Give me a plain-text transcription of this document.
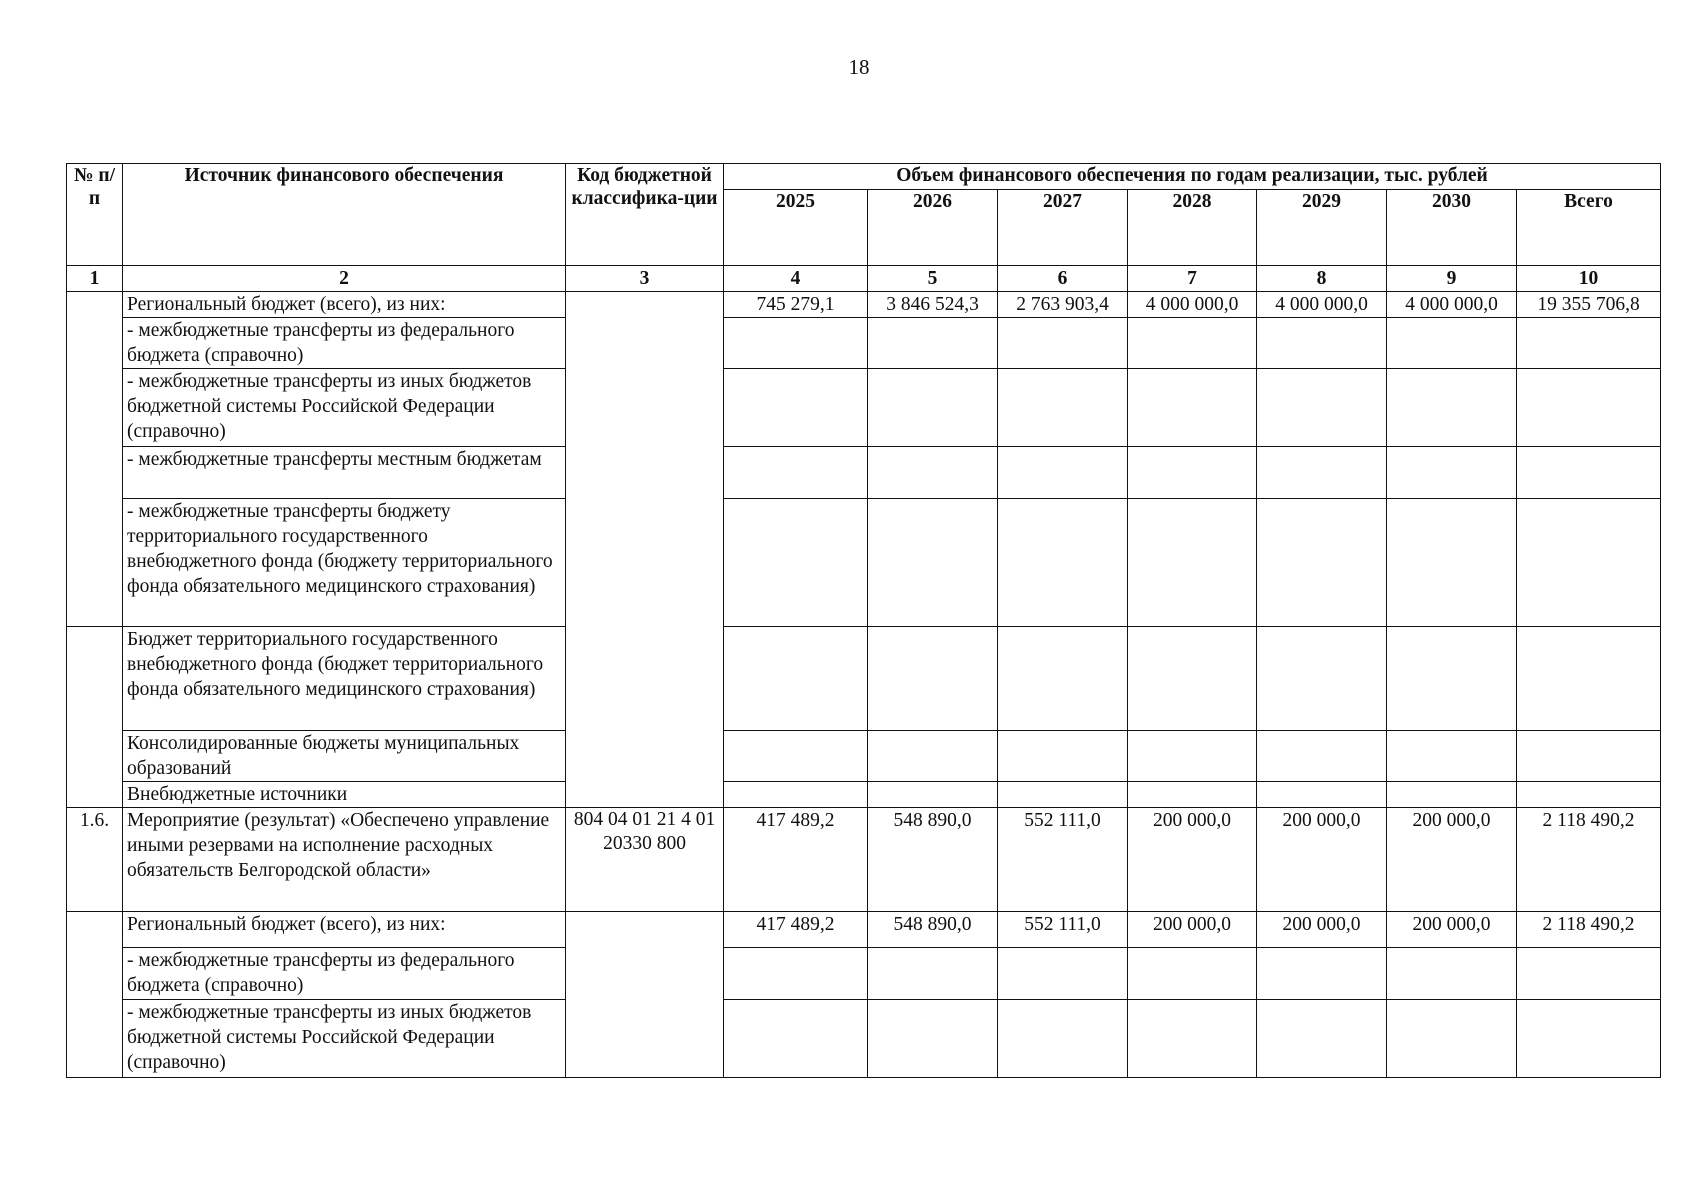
18
№ п/п	Источник финансового обеспечения	Код бюджетной классифика-ции	Объем финансового обеспечения по годам реализации, тыс. рублей						
			2025	2026	2027	2028	2029	2030	Всего
1	2	3	4	5	6	7	8	9	10
	Региональный бюджет (всего), из них:		745 279,1	3 846 524,3	2 763 903,4	4 000 000,0	4 000 000,0	4 000 000,0	19 355 706,8
	- межбюджетные трансферты из федерального бюджета (справочно)								
	- межбюджетные трансферты из иных бюджетов бюджетной системы Российской Федерации (справочно)								
	- межбюджетные трансферты местным бюджетам								
	- межбюджетные трансферты бюджету территориального государственного внебюджетного фонда (бюджету территориального фонда обязательного медицинского страхования)								
	Бюджет территориального государственного внебюджетного фонда (бюджет территориального фонда обязательного медицинского страхования)								
	Консолидированные бюджеты муниципальных образований								
	Внебюджетные источники								
1.6.	Мероприятие (результат) «Обеспечено управление иными резервами на исполнение расходных обязательств Белгородской области»	804 04 01 21 4 01 20330 800	417 489,2	548 890,0	552 111,0	200 000,0	200 000,0	200 000,0	2 118 490,2
	Региональный бюджет (всего), из них:		417 489,2	548 890,0	552 111,0	200 000,0	200 000,0	200 000,0	2 118 490,2
	- межбюджетные трансферты из федерального бюджета (справочно)								
	- межбюджетные трансферты из иных бюджетов бюджетной системы Российской Федерации (справочно)								
